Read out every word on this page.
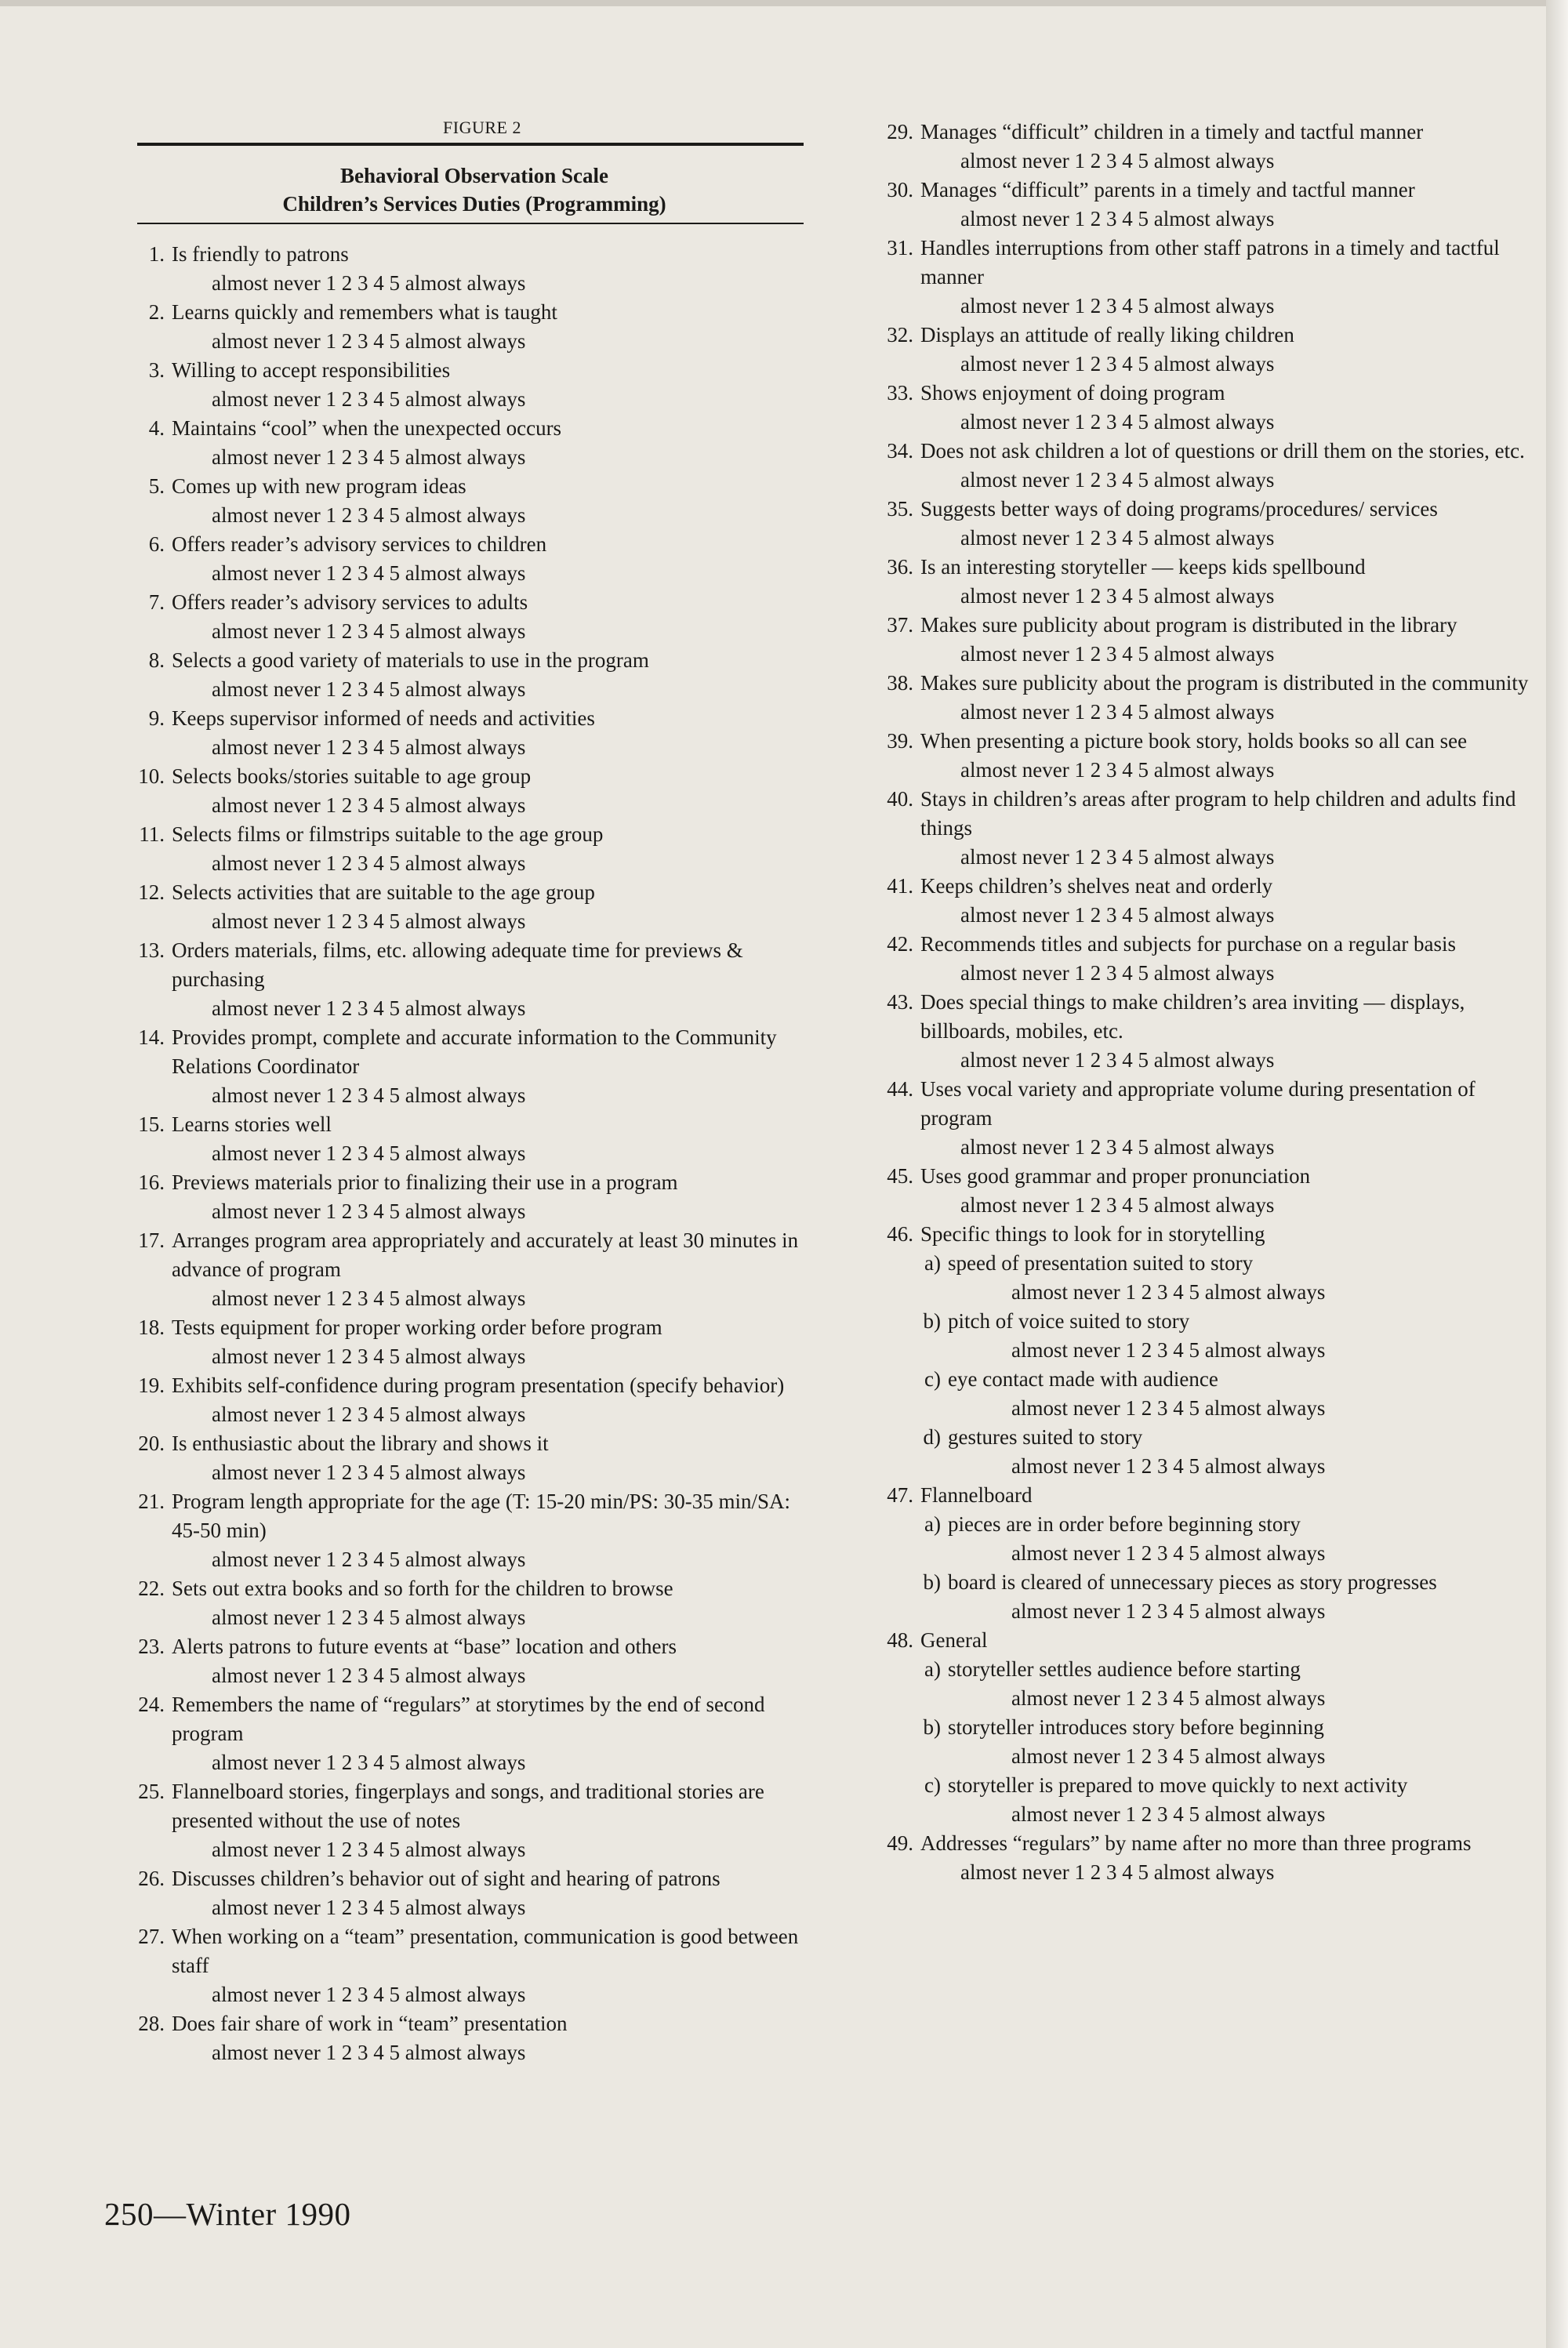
FIGURE 2
Behavioral Observation Scale
Children’s Services Duties (Programming)
1. Is friendly to patrons
almost never 1 2 3 4 5 almost always
2. Learns quickly and remembers what is taught
almost never 1 2 3 4 5 almost always
3. Willing to accept responsibilities
almost never 1 2 3 4 5 almost always
4. Maintains “cool” when the unexpected occurs
almost never 1 2 3 4 5 almost always
5. Comes up with new program ideas
almost never 1 2 3 4 5 almost always
6. Offers reader’s advisory services to children
almost never 1 2 3 4 5 almost always
7. Offers reader’s advisory services to adults
almost never 1 2 3 4 5 almost always
8. Selects a good variety of materials to use in the program
almost never 1 2 3 4 5 almost always
9. Keeps supervisor informed of needs and activities
almost never 1 2 3 4 5 almost always
10. Selects books/stories suitable to age group
almost never 1 2 3 4 5 almost always
11. Selects films or filmstrips suitable to the age group
almost never 1 2 3 4 5 almost always
12. Selects activities that are suitable to the age group
almost never 1 2 3 4 5 almost always
13. Orders materials, films, etc. allowing adequate time for previews & purchasing
almost never 1 2 3 4 5 almost always
14. Provides prompt, complete and accurate information to the Community Relations Coordinator
almost never 1 2 3 4 5 almost always
15. Learns stories well
almost never 1 2 3 4 5 almost always
16. Previews materials prior to finalizing their use in a program
almost never 1 2 3 4 5 almost always
17. Arranges program area appropriately and accurately at least 30 minutes in advance of program
almost never 1 2 3 4 5 almost always
18. Tests equipment for proper working order before program
almost never 1 2 3 4 5 almost always
19. Exhibits self-confidence during program presentation (specify behavior)
almost never 1 2 3 4 5 almost always
20. Is enthusiastic about the library and shows it
almost never 1 2 3 4 5 almost always
21. Program length appropriate for the age (T: 15-20 min/PS: 30-35 min/SA: 45-50 min)
almost never 1 2 3 4 5 almost always
22. Sets out extra books and so forth for the children to browse
almost never 1 2 3 4 5 almost always
23. Alerts patrons to future events at “base” location and others
almost never 1 2 3 4 5 almost always
24. Remembers the name of “regulars” at storytimes by the end of second program
almost never 1 2 3 4 5 almost always
25. Flannelboard stories, fingerplays and songs, and traditional stories are presented without the use of notes
almost never 1 2 3 4 5 almost always
26. Discusses children’s behavior out of sight and hearing of patrons
almost never 1 2 3 4 5 almost always
27. When working on a “team” presentation, communication is good between staff
almost never 1 2 3 4 5 almost always
28. Does fair share of work in “team” presentation
almost never 1 2 3 4 5 almost always
29. Manages “difficult” children in a timely and tactful manner
almost never 1 2 3 4 5 almost always
30. Manages “difficult” parents in a timely and tactful manner
almost never 1 2 3 4 5 almost always
31. Handles interruptions from other staff patrons in a timely and tactful manner
almost never 1 2 3 4 5 almost always
32. Displays an attitude of really liking children
almost never 1 2 3 4 5 almost always
33. Shows enjoyment of doing program
almost never 1 2 3 4 5 almost always
34. Does not ask children a lot of questions or drill them on the stories, etc.
almost never 1 2 3 4 5 almost always
35. Suggests better ways of doing programs/procedures/ services
almost never 1 2 3 4 5 almost always
36. Is an interesting storyteller — keeps kids spellbound
almost never 1 2 3 4 5 almost always
37. Makes sure publicity about program is distributed in the library
almost never 1 2 3 4 5 almost always
38. Makes sure publicity about the program is distributed in the community
almost never 1 2 3 4 5 almost always
39. When presenting a picture book story, holds books so all can see
almost never 1 2 3 4 5 almost always
40. Stays in children’s areas after program to help children and adults find things
almost never 1 2 3 4 5 almost always
41. Keeps children’s shelves neat and orderly
almost never 1 2 3 4 5 almost always
42. Recommends titles and subjects for purchase on a regular basis
almost never 1 2 3 4 5 almost always
43. Does special things to make children’s area inviting — displays, billboards, mobiles, etc.
almost never 1 2 3 4 5 almost always
44. Uses vocal variety and appropriate volume during presentation of program
almost never 1 2 3 4 5 almost always
45. Uses good grammar and proper pronunciation
almost never 1 2 3 4 5 almost always
46. Specific things to look for in storytelling
a) speed of presentation suited to story
almost never 1 2 3 4 5 almost always
b) pitch of voice suited to story
almost never 1 2 3 4 5 almost always
c) eye contact made with audience
almost never 1 2 3 4 5 almost always
d) gestures suited to story
almost never 1 2 3 4 5 almost always
47. Flannelboard
a) pieces are in order before beginning story
almost never 1 2 3 4 5 almost always
b) board is cleared of unnecessary pieces as story progresses
almost never 1 2 3 4 5 almost always
48. General
a) storyteller settles audience before starting
almost never 1 2 3 4 5 almost always
b) storyteller introduces story before beginning
almost never 1 2 3 4 5 almost always
c) storyteller is prepared to move quickly to next activity
almost never 1 2 3 4 5 almost always
49. Addresses “regulars” by name after no more than three programs
almost never 1 2 3 4 5 almost always
250—Winter 1990
